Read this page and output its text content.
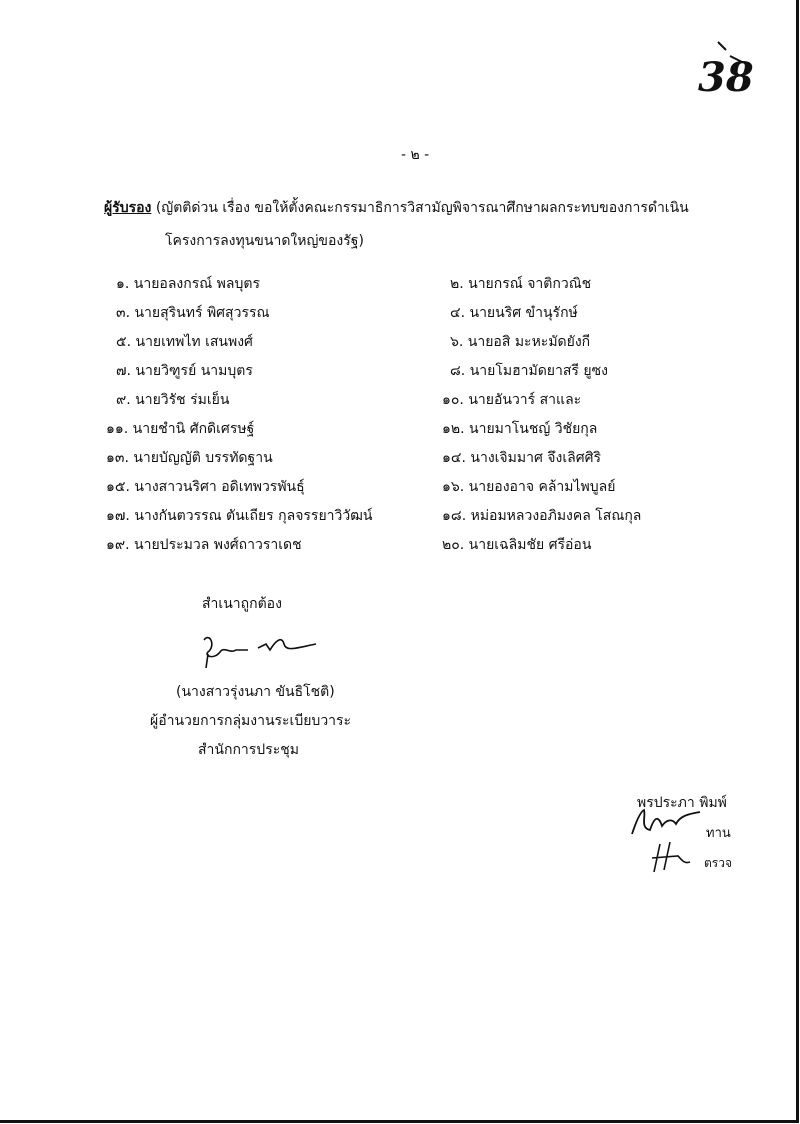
38
- ๒ -
ผู้รับรอง (ญัตติด่วน เรื่อง ขอให้ตั้งคณะกรรมาธิการวิสามัญพิจารณาศึกษาผลกระทบของการดำเนิน
โครงการลงทุนขนาดใหญ่ของรัฐ)
๑. นายอลงกรณ์ พลบุตร	๒. นายกรณ์ จาติกวณิช
๓. นายสุรินทร์ พิศสุวรรณ	๔. นายนริศ ขำนุรักษ์
๕. นายเทพไท เสนพงศ์	๖. นายอสิ มะหะมัดยังกี
๗. นายวิฑูรย์ นามบุตร	๘. นายโมฮามัดยาสรี ยูซง
๙. นายวิรัช ร่มเย็น	๑๐. นายอันวาร์ สาและ
๑๑. นายชำนิ ศักดิเศรษฐ์	๑๒. นายมาโนชญ์ วิชัยกุล
๑๓. นายบัญญัติ บรรทัดฐาน	๑๔. นางเจิมมาศ จึงเลิศศิริ
๑๕. นางสาวนริศา อดิเทพวรพันธุ์	๑๖. นายองอาจ คล้ามไพบูลย์
๑๗. นางกันตวรรณ ตันเถียร กุลจรรยาวิวัฒน์	๑๘. หม่อมหลวงอภิมงคล โสณกุล
๑๙. นายประมวล พงศ์ถาวราเดช	๒๐. นายเฉลิมชัย ศรีอ่อน
สำเนาถูกต้อง
(นางสาวรุ่งนภา ขันธิโชติ)
ผู้อำนวยการกลุ่มงานระเบียบวาระ
สำนักการประชุม
พรประภา พิมพ์
ทาน
ตรวจ
